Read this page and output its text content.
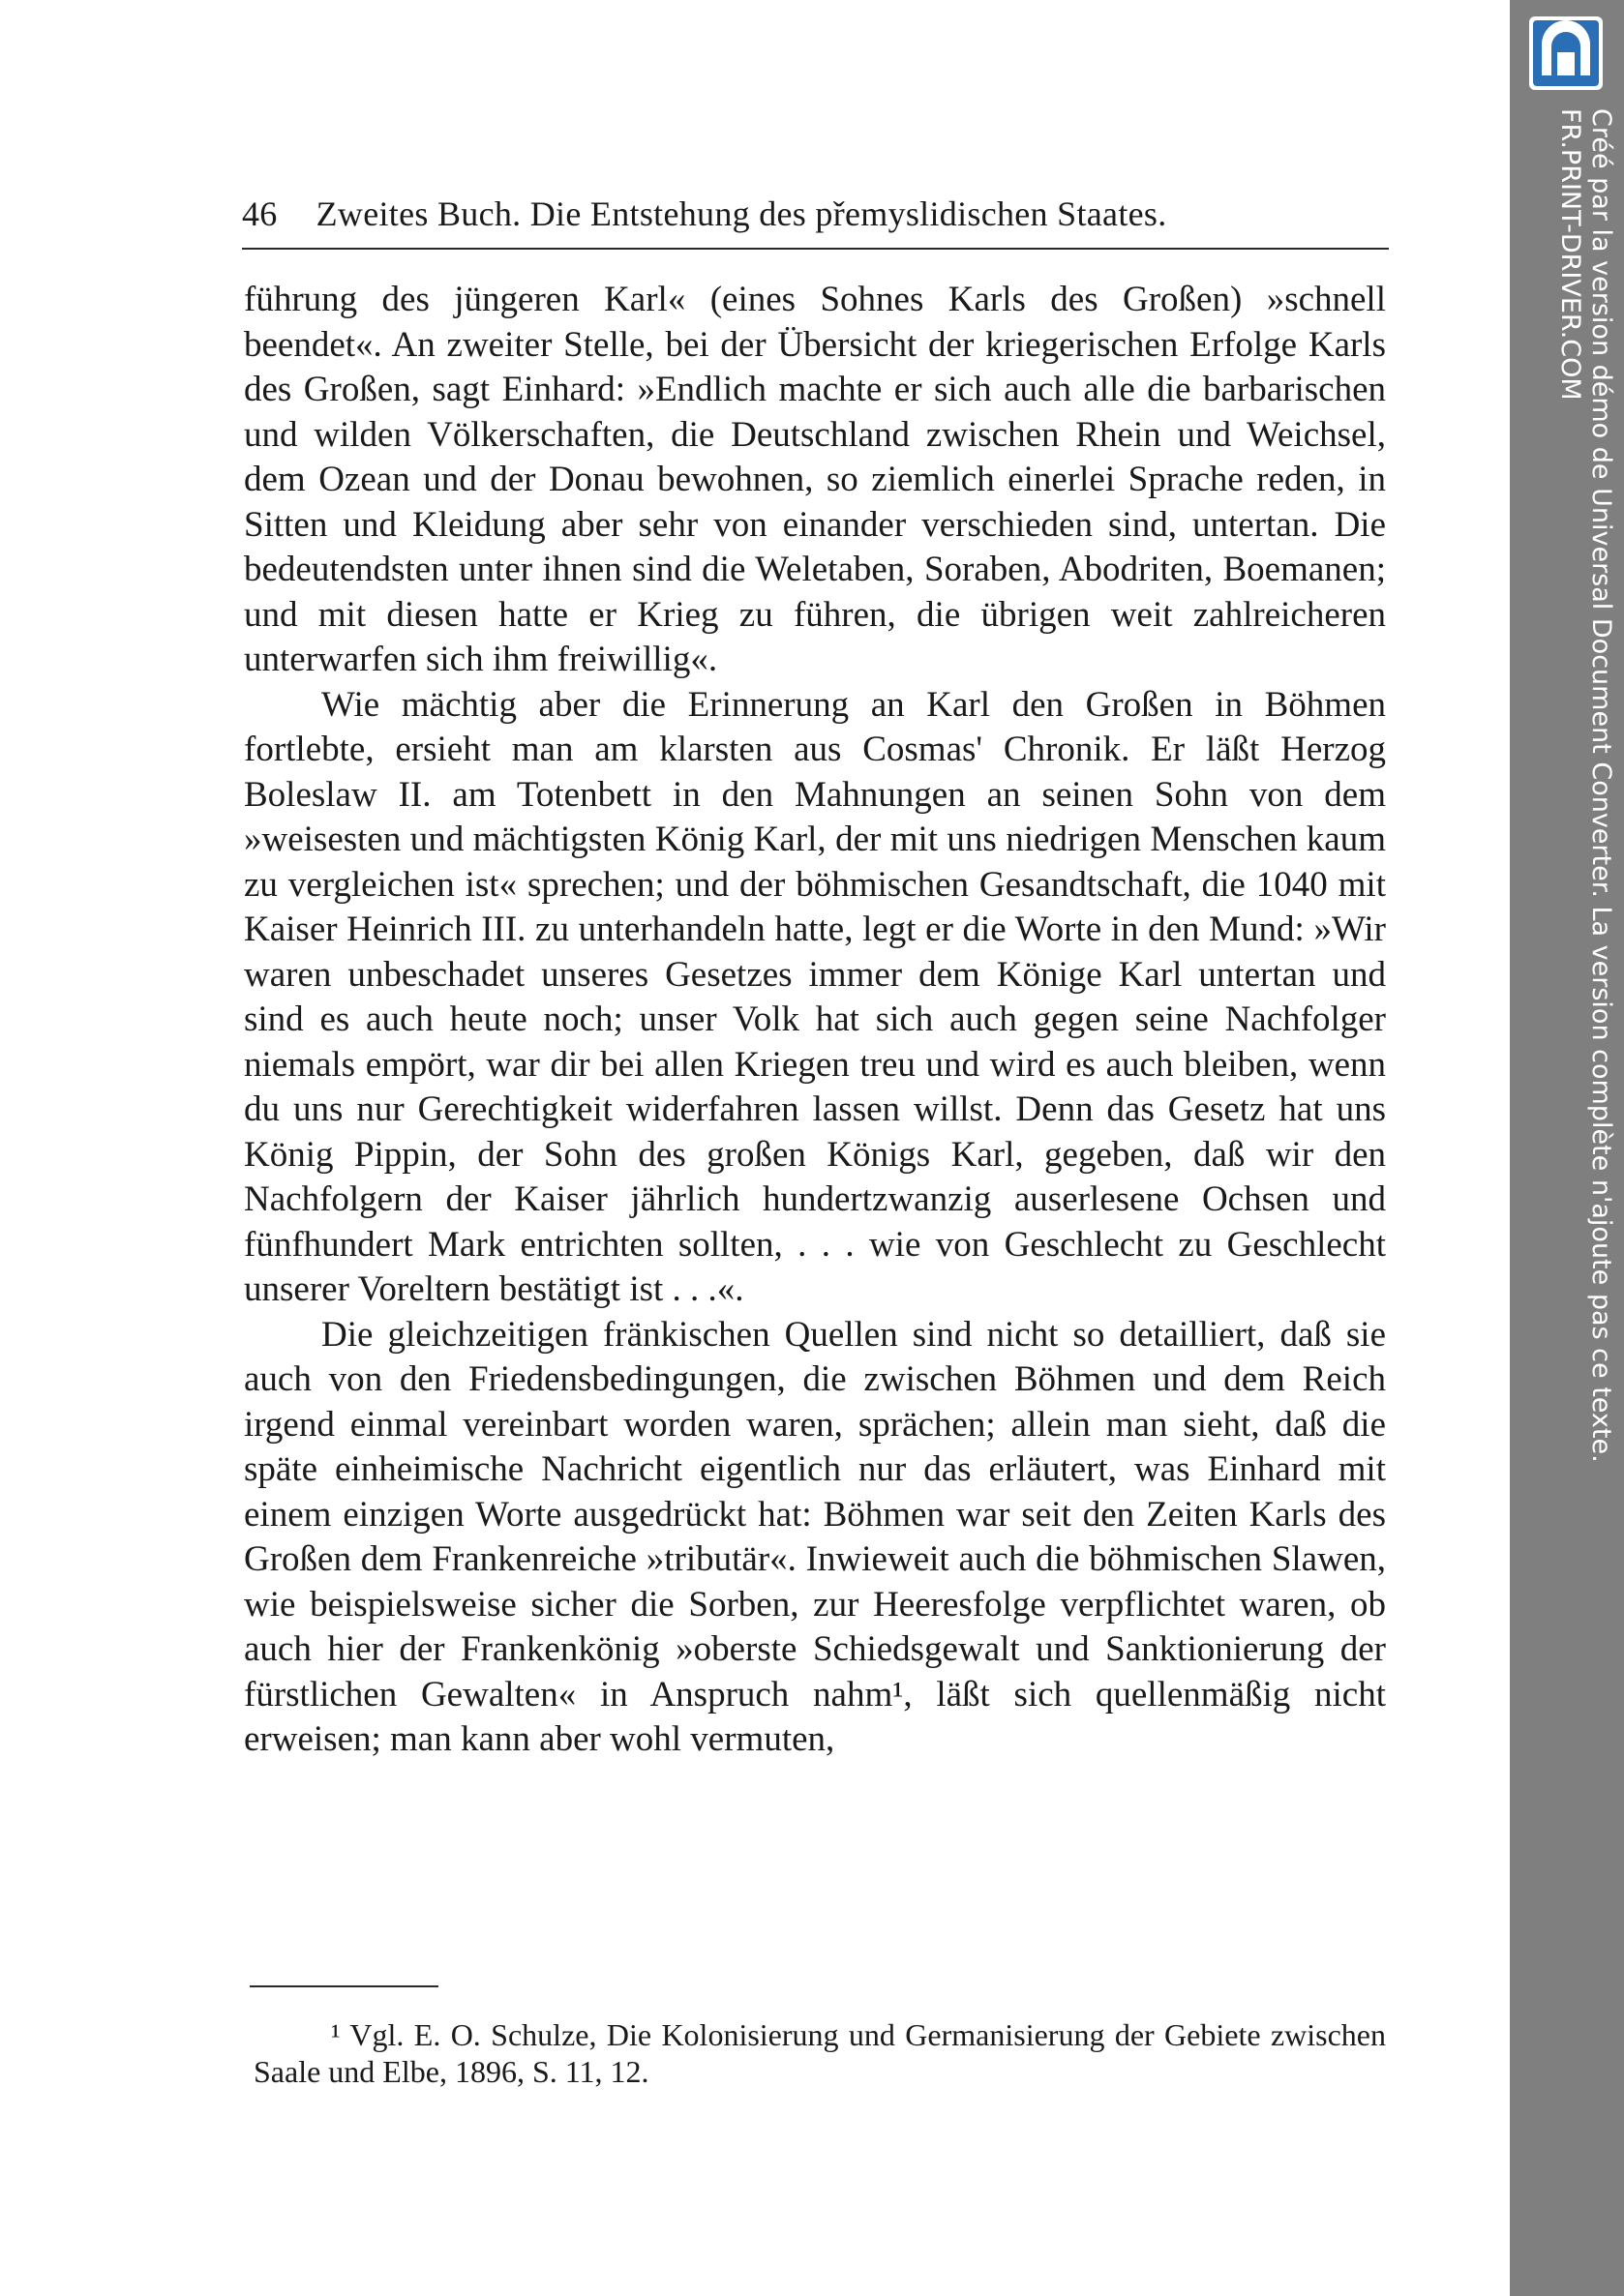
46 Zweites Buch. Die Entstehung des přemyslidischen Staates.

führung des jüngeren Karl« (eines Sohnes Karls des Großen) »schnell beendet«. An zweiter Stelle, bei der Übersicht der kriegerischen Erfolge Karls des Großen, sagt Einhard: »Endlich machte er sich auch alle die barbarischen und wilden Völkerschaften, die Deutschland zwischen Rhein und Weichsel, dem Ozean und der Donau bewohnen, so ziemlich einerlei Sprache reden, in Sitten und Kleidung aber sehr von einander verschieden sind, untertan. Die bedeutendsten unter ihnen sind die Weletaben, Soraben, Abodriten, Boemanen; und mit diesen hatte er Krieg zu führen, die übrigen weit zahlreicheren unterwarfen sich ihm freiwillig«.

Wie mächtig aber die Erinnerung an Karl den Großen in Böhmen fortlebte, ersieht man am klarsten aus Cosmas' Chronik. Er läßt Herzog Boleslaw II. am Totenbett in den Mahnungen an seinen Sohn von dem »weisesten und mächtigsten König Karl, der mit uns niedrigen Menschen kaum zu vergleichen ist« sprechen; und der böhmischen Gesandtschaft, die 1040 mit Kaiser Heinrich III. zu unterhandeln hatte, legt er die Worte in den Mund: »Wir waren unbeschadet unseres Gesetzes immer dem Könige Karl untertan und sind es auch heute noch; unser Volk hat sich auch gegen seine Nachfolger niemals empört, war dir bei allen Kriegen treu und wird es auch bleiben, wenn du uns nur Gerechtigkeit widerfahren lassen willst. Denn das Gesetz hat uns König Pippin, der Sohn des großen Königs Karl, gegeben, daß wir den Nachfolgern der Kaiser jährlich hundertzwanzig auserlesene Ochsen und fünfhundert Mark entrichten sollten, . . . wie von Geschlecht zu Geschlecht unserer Voreltern bestätigt ist . . .«.

Die gleichzeitigen fränkischen Quellen sind nicht so detailliert, daß sie auch von den Friedensbedingungen, die zwischen Böhmen und dem Reich irgend einmal vereinbart worden waren, sprächen; allein man sieht, daß die späte einheimische Nachricht eigentlich nur das erläutert, was Einhard mit einem einzigen Worte ausgedrückt hat: Böhmen war seit den Zeiten Karls des Großen dem Frankenreiche »tributär«. Inwieweit auch die böhmischen Slawen, wie beispielsweise sicher die Sorben, zur Heeresfolge verpflichtet waren, ob auch hier der Frankenkönig »oberste Schiedsgewalt und Sanktionierung der fürstlichen Gewalten« in Anspruch nahm¹, läßt sich quellenmäßig nicht erweisen; man kann aber wohl vermuten,

¹ Vgl. E. O. Schulze, Die Kolonisierung und Germanisierung der Gebiete zwischen Saale und Elbe, 1896, S. 11, 12.

Créé par la version démo de Universal Document Converter. La version complète n'ajoute pas ce texte.
FR.PRINT-DRIVER.COM
